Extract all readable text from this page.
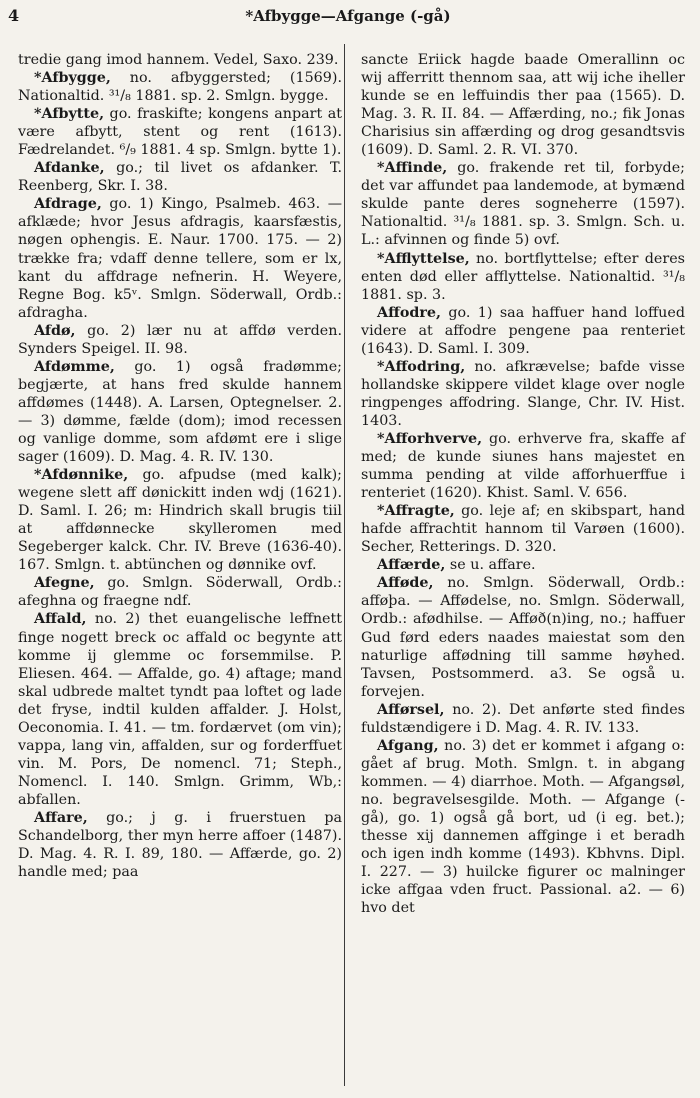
4	*Afbygge—Afgange (-gå)

tredie gang imod hannem. Vedel, Saxo. 239.

*Afbygge, no. afbyggersted; (1569). Nationaltid. ³¹/₈ 1881. sp. 2. Smlgn. bygge.

*Afbytte, go. fraskifte; kongens anpart at være afbytt, stent og rent (1613). Fædrelandet. ⁶/₉ 1881. 4 sp. Smlgn. bytte 1).

Afdanke, go.; til livet os afdanker. T. Reenberg, Skr. I. 38.

Afdrage, go. 1) Kingo, Psalmeb. 463. — afklæde; hvor Jesus afdragis, kaarsfæstis, nøgen ophengis. E. Naur. 1700. 175. — 2) trække fra; vdaff denne tellere, som er lx, kant du affdrage nefnerin. H. Weyere, Regne Bog. k5ᵛ. Smlgn. Söderwall, Ordb.: afdragha.

Afdø, go. 2) lær nu at affdø verden. Synders Speigel. II. 98.

Afdømme, go. 1) også fradømme; begjærte, at hans fred skulde hannem affdømes (1448). A. Larsen, Optegnelser. 2. — 3) dømme, fælde (dom); imod recessen og vanlige domme, som afdømt ere i slige sager (1609). D. Mag. 4. R. IV. 130.

*Afdønnike, go. afpudse (med kalk); wegene slett aff dønickitt inden wdj (1621). D. Saml. I. 26; m: Hindrich skall brugis tiil at affdønnecke skylleromen med Segeberger kalck. Chr. IV. Breve (1636-40). 167. Smlgn. t. abtünchen og dønnike ovf.

Afegne, go. Smlgn. Söderwall, Ordb.: afeghna og fraegne ndf.

Affald, no. 2) thet euangelische leffnett finge nogett breck oc affald oc begynte att komme ij glemme oc forsemmilse. P. Eliesen. 464. — Affalde, go. 4) aftage; mand skal udbrede maltet tyndt paa loftet og lade det fryse, indtil kulden affalder. J. Holst, Oeconomia. I. 41. — tm. fordærvet (om vin); vappa, lang vin, affalden, sur og forderffuet vin. M. Pors, De nomencl. 71; Steph., Nomencl. I. 140. Smlgn. Grimm, Wb,: abfallen.

Affare, go.; j g. i fruerstuen pa Schandelborg, ther myn herre affoer (1487). D. Mag. 4. R. I. 89, 180. — Affærde, go. 2) handle med; paa

sancte Eriick hagde baade Omerallinn oc wij afferritt thennom saa, att wij iche iheller kunde se en leffuindis ther paa (1565). D. Mag. 3. R. II. 84. — Affærding, no.; fik Jonas Charisius sin affærding og drog gesandtsvis (1609). D. Saml. 2. R. VI. 370.

*Affinde, go. frakende ret til, forbyde; det var affundet paa landemode, at bymænd skulde pante deres sogneherre (1597). Nationaltid. ³¹/₈ 1881. sp. 3. Smlgn. Sch. u. L.: afvinnen og finde 5) ovf.

*Afflyttelse, no. bortflyttelse; efter deres enten død eller afflyttelse. Nationaltid. ³¹/₈ 1881. sp. 3.

Affodre, go. 1) saa haffuer hand loffued videre at affodre pengene paa renteriet (1643). D. Saml. I. 309.

*Affodring, no. afkrævelse; bafde visse hollandske skippere vildet klage over nogle ringpenges affodring. Slange, Chr. IV. Hist. 1403.

*Afforhverve, go. erhverve fra, skaffe af med; de kunde siunes hans majestet en summa pending at vilde afforhuerffue i renteriet (1620). Khist. Saml. V. 656.

*Affragte, go. leje af; en skibspart, hand hafde affrachtit hannom til Varøen (1600). Secher, Retterings. D. 320.

Affærde, se u. affare.

Afføde, no. Smlgn. Söderwall, Ordb.: afføþa. — Affødelse, no. Smlgn. Söderwall, Ordb.: afødhilse. — Afføð(n)ing, no.; haffuer Gud førd eders naades maiestat som den naturlige affødning till samme høyhed. Tavsen, Postsommerd. a3. Se også u. forvejen.

Afførsel, no. 2). Det anførte sted findes fuldstændigere i D. Mag. 4. R. IV. 133.

Afgang, no. 3) det er kommet i afgang o: gået af brug. Moth. Smlgn. t. in abgang kommen. — 4) diarrhoe. Moth. — Afgangsøl, no. begravelsesgilde. Moth. — Afgange (-gå), go. 1) også gå bort, ud (i eg. bet.); thesse xij dannemen affginge i et beradh och igen indh komme (1493). Kbhvns. Dipl. I. 227. — 3) huilcke figurer oc malninger icke affgaa vden fruct. Passional. a2. — 6) hvo det
